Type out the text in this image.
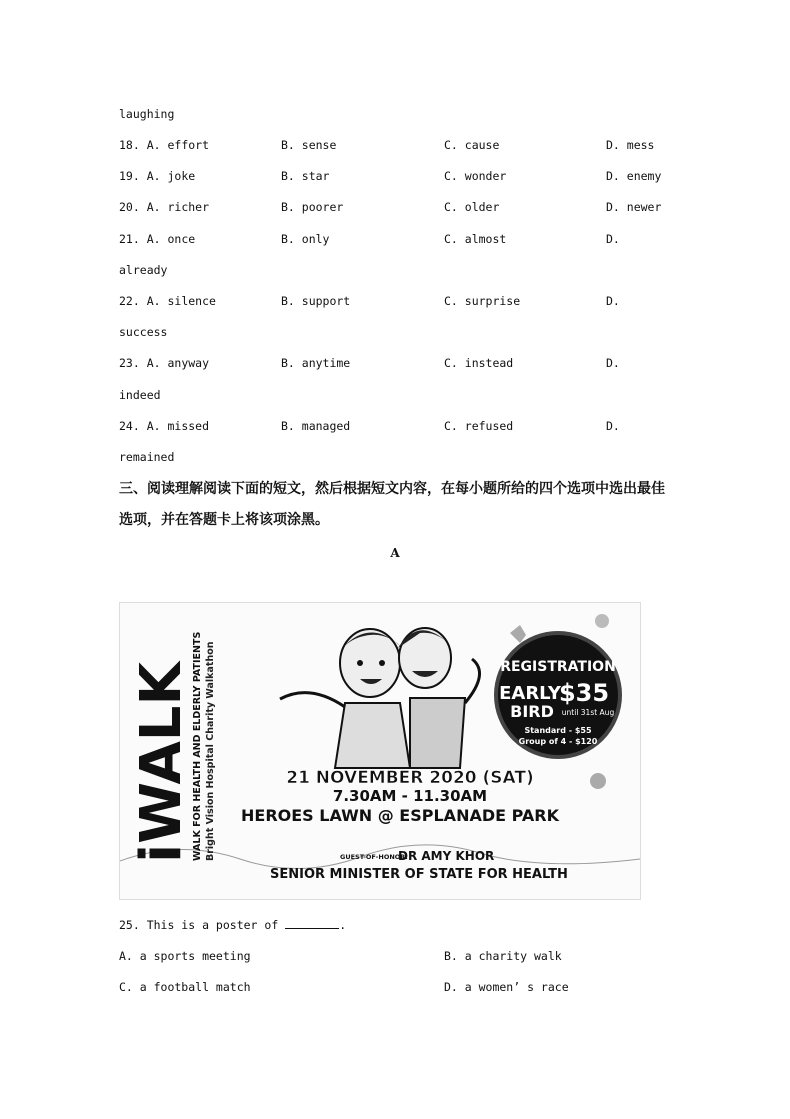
laughing
18. A. effort	B. sense	C. cause	D. mess
19. A. joke	B. star	C. wonder	D. enemy
20. A. richer	B. poorer	C. older	D. newer
21. A. once	B. only	C. almost	D.
already
22. A. silence	B. support	C. surprise	D.
success
23. A. anyway	B. anytime	C. instead	D.
indeed
24. A. missed	B. managed	C. refused	D.
remained
三、阅读理解阅读下面的短文，然后根据短文内容，在每小题所给的四个选项中选出最佳
选项，并在答题卡上将该项涂黑。
A
iWALK
WALK FOR HEALTH AND ELDERLY PATIENTS Bright Vision Hospital Charity Walkathon	REGISTRATION
EARLY
BIRD
$35
until 31st Aug
Standard - $55
Group of 4 - $120
21 NOVEMBER 2020 (SAT)
7.30AM - 11.30AM
HEROES LAWN @ ESPLANADE PARK
GUEST-OF-HONOR:
DR AMY KHOR
SENIOR MINISTER OF STATE FOR HEALTH
25. This is a poster of	.
A. a sports meeting	B. a charity walk
C. a football match	D. a women’ s race
